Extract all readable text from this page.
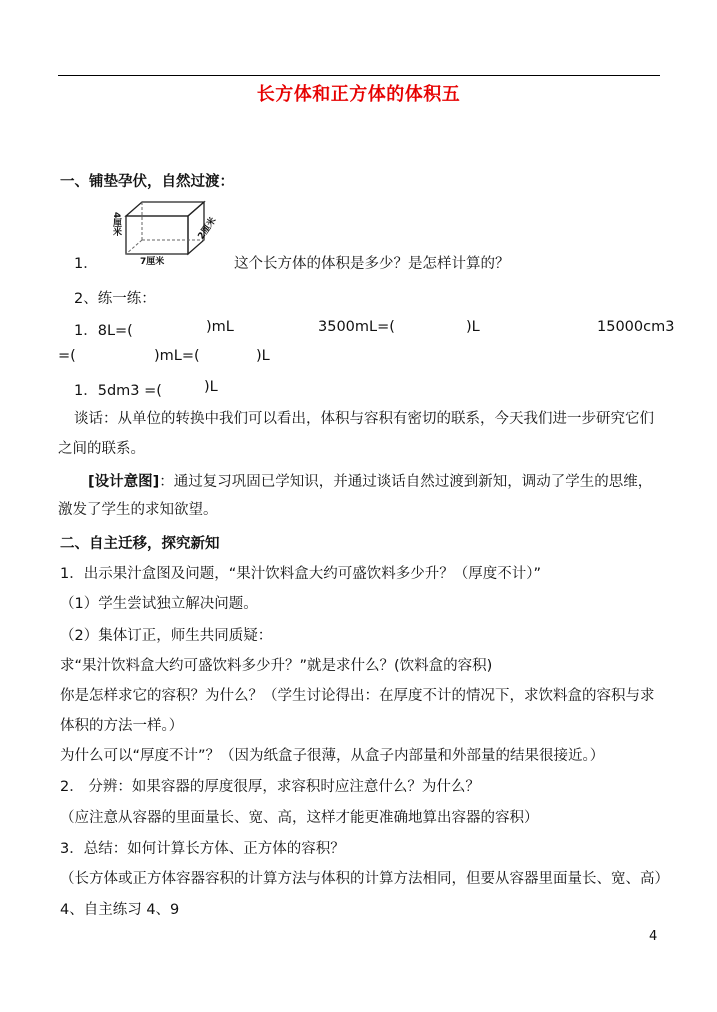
长方体和正方体的体积五
一、铺垫孕伏，自然过渡：
4厘米
7厘米
2厘米
1．	这个长方体的体积是多少？是怎样计算的？
2、练一练：
1．8L=(	)mL	3500mL=(	)L	15000cm3
=(	)mL=(	)L
1．5dm3 =(	)L
谈话：从单位的转换中我们可以看出，体积与容积有密切的联系，今天我们进一步研究它们
之间的联系。
[设计意图]：通过复习巩固已学知识，并通过谈话自然过渡到新知，调动了学生的思维，
激发了学生的求知欲望。
二、自主迁移，探究新知
1．出示果汁盒图及问题，“果汁饮料盒大约可盛饮料多少升？（厚度不计）”
（1）学生尝试独立解决问题。
（2）集体订正，师生共同质疑：
求“果汁饮料盒大约可盛饮料多少升？”就是求什么？(饮料盒的容积)
你是怎样求它的容积？为什么？（学生讨论得出：在厚度不计的情况下，求饮料盒的容积与求
体积的方法一样。）
为什么可以“厚度不计”？（因为纸盒子很薄，从盒子内部量和外部量的结果很接近。）
2． 分辨：如果容器的厚度很厚，求容积时应注意什么？为什么？
（应注意从容器的里面量长、宽、高，这样才能更准确地算出容器的容积）
3．总结：如何计算长方体、正方体的容积？
（长方体或正方体容器容积的计算方法与体积的计算方法相同，但要从容器里面量长、宽、高）
4、自主练习 4、9
4
